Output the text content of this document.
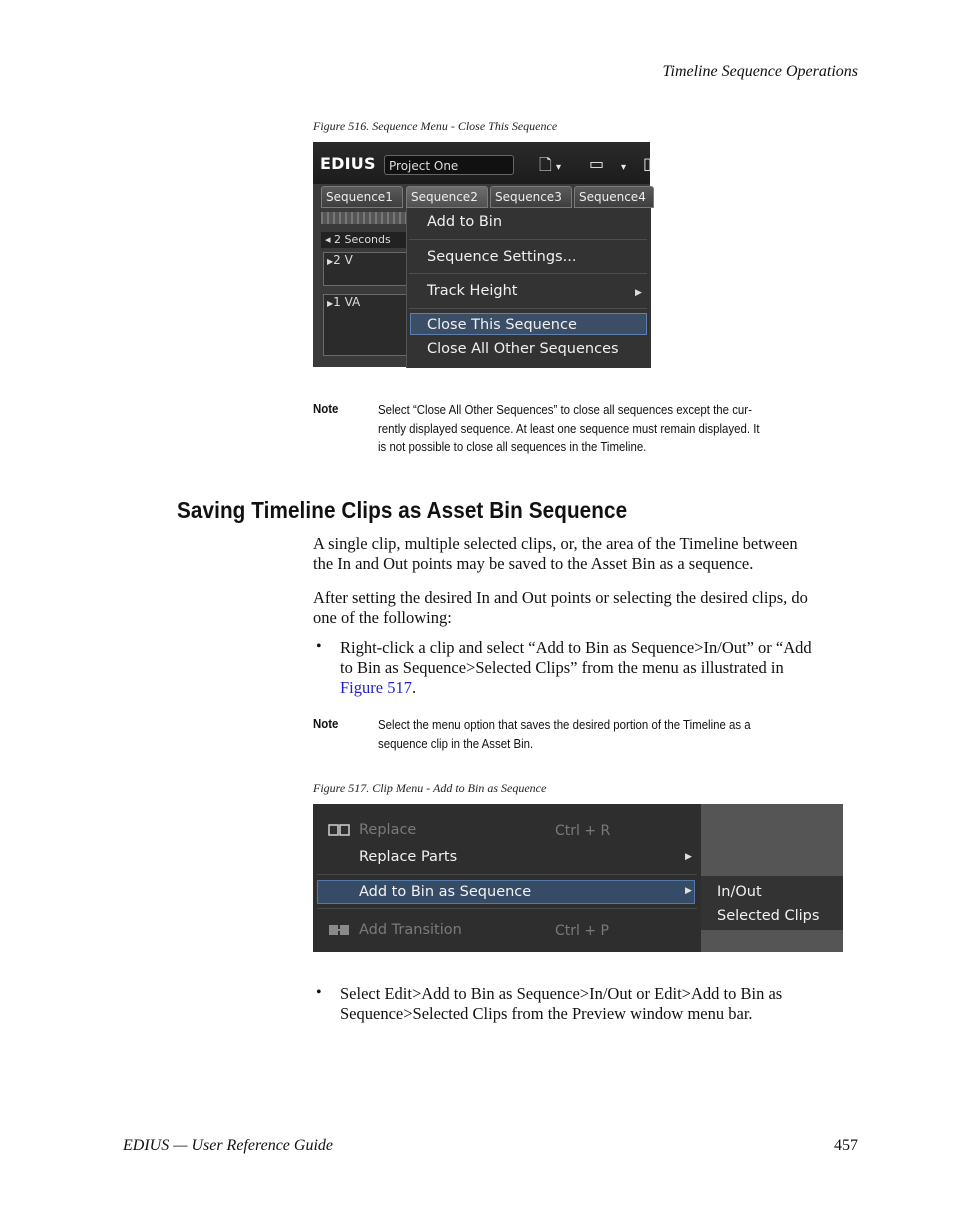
Timeline Sequence Operations
Figure 516. Sequence Menu - Close This Sequence
EDIUS	Project One	🗋 ▾ ▭ ▾ ▯
Sequence1	Sequence2	Sequence3	Sequence4
◂ 2 Seconds
▶2 V
▶1 VA
Add to Bin
Sequence Settings...
Track Height	▶
Close This Sequence
Close All Other Sequences
Note	Select “Close All Other Sequences” to close all sequences except the cur-
rently displayed sequence. At least one sequence must remain displayed. It
is not possible to close all sequences in the Timeline.
Saving Timeline Clips as Asset Bin Sequence
A single clip, multiple selected clips, or, the area of the Timeline between
the In and Out points may be saved to the Asset Bin as a sequence.
After setting the desired In and Out points or selecting the desired clips, do
one of the following:
• Right-click a clip and select “Add to Bin as Sequence>In/Out” or “Add
to Bin as Sequence>Selected Clips” from the menu as illustrated in
Figure 517.
Note	Select the menu option that saves the desired portion of the Timeline as a
sequence clip in the Asset Bin.
Figure 517. Clip Menu - Add to Bin as Sequence
Replace	Ctrl + R
Replace Parts	▶
Add to Bin as Sequence	▶
Add Transition	Ctrl + P
In/Out
Selected Clips
• Select Edit>Add to Bin as Sequence>In/Out or Edit>Add to Bin as
Sequence>Selected Clips from the Preview window menu bar.
EDIUS — User Reference Guide	457
